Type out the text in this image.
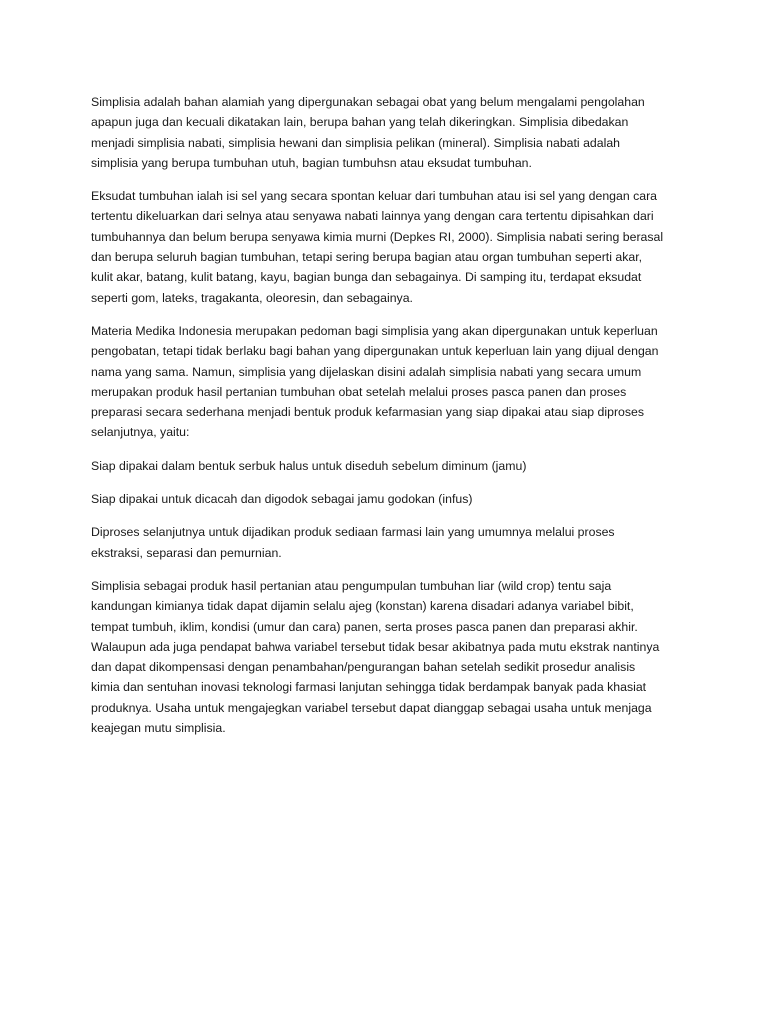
Simplisia adalah bahan alamiah yang dipergunakan sebagai obat yang belum mengalami pengolahan
apapun juga dan kecuali dikatakan lain, berupa bahan yang telah dikeringkan. Simplisia dibedakan
menjadi simplisia nabati, simplisia hewani dan simplisia pelikan (mineral). Simplisia nabati adalah
simplisia yang berupa tumbuhan utuh, bagian tumbuhsn atau eksudat tumbuhan.

Eksudat tumbuhan ialah isi sel yang secara spontan keluar dari tumbuhan atau isi sel yang dengan cara
tertentu dikeluarkan dari selnya atau senyawa nabati lainnya yang dengan cara tertentu dipisahkan dari
tumbuhannya dan belum berupa senyawa kimia murni (Depkes RI, 2000). Simplisia nabati sering berasal
dan berupa seluruh bagian tumbuhan, tetapi sering berupa bagian atau organ tumbuhan seperti akar,
kulit akar, batang, kulit batang, kayu, bagian bunga dan sebagainya. Di samping itu, terdapat eksudat
seperti gom, lateks, tragakanta, oleoresin, dan sebagainya.

Materia Medika Indonesia merupakan pedoman bagi simplisia yang akan dipergunakan untuk keperluan
pengobatan, tetapi tidak berlaku bagi bahan yang dipergunakan untuk keperluan lain yang dijual dengan
nama yang sama. Namun, simplisia yang dijelaskan disini adalah simplisia nabati yang secara umum
merupakan produk hasil pertanian tumbuhan obat setelah melalui proses pasca panen dan proses
preparasi secara sederhana menjadi bentuk produk kefarmasian yang siap dipakai atau siap diproses
selanjutnya, yaitu:

Siap dipakai dalam bentuk serbuk halus untuk diseduh sebelum diminum (jamu)

Siap dipakai untuk dicacah dan digodok sebagai jamu godokan (infus)

Diproses selanjutnya untuk dijadikan produk sediaan farmasi lain yang umumnya melalui proses
ekstraksi, separasi dan pemurnian.

Simplisia sebagai produk hasil pertanian atau pengumpulan tumbuhan liar (wild crop) tentu saja
kandungan kimianya tidak dapat dijamin selalu ajeg (konstan) karena disadari adanya variabel bibit,
tempat tumbuh, iklim, kondisi (umur dan cara) panen, serta proses pasca panen dan preparasi akhir.
Walaupun ada juga pendapat bahwa variabel tersebut tidak besar akibatnya pada mutu ekstrak nantinya
dan dapat dikompensasi dengan penambahan/pengurangan bahan setelah sedikit prosedur analisis
kimia dan sentuhan inovasi teknologi farmasi lanjutan sehingga tidak berdampak banyak pada khasiat
produknya. Usaha untuk mengajegkan variabel tersebut dapat dianggap sebagai usaha untuk menjaga
keajegan mutu simplisia.
